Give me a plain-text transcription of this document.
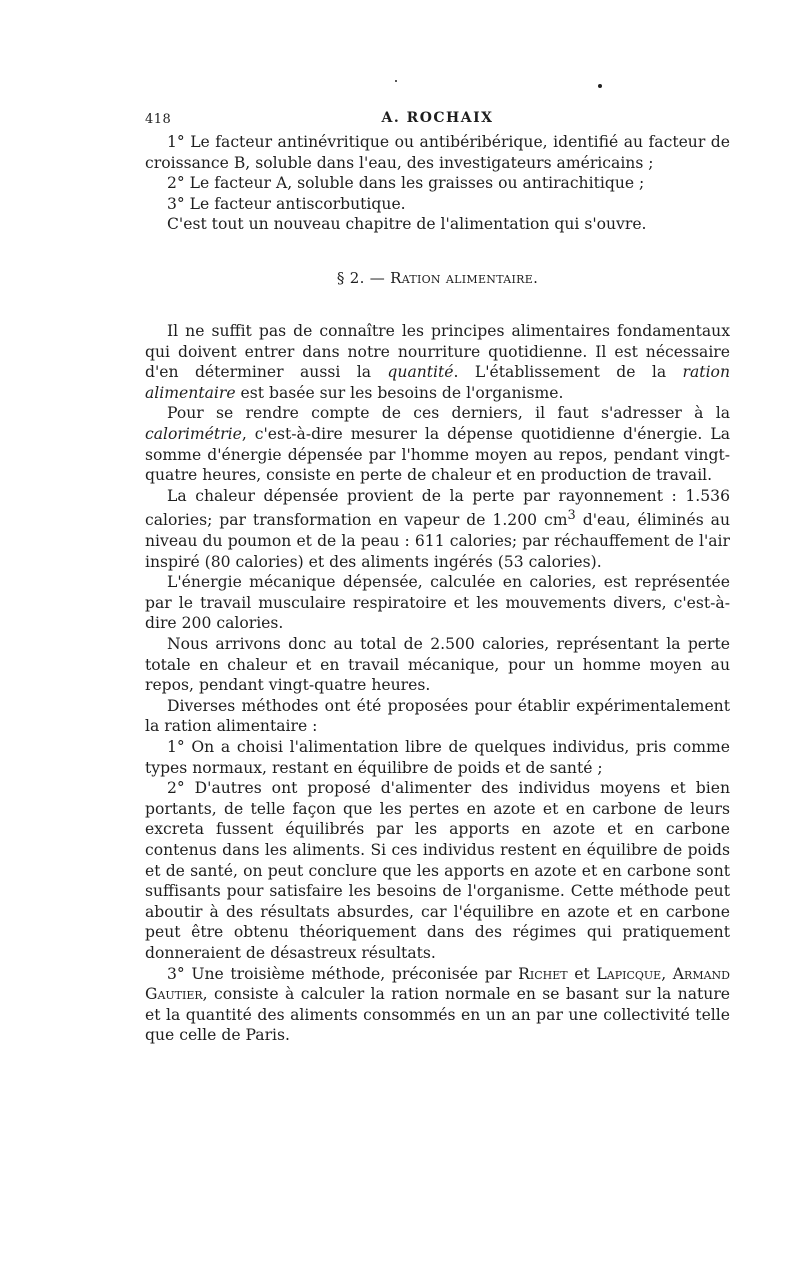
418	A. ROCHAIX

1° Le facteur antinévritique ou antibéribérique, identifié au facteur de croissance B, soluble dans l'eau, des investigateurs américains ;

2° Le facteur A, soluble dans les graisses ou antirachitique ;

3° Le facteur antiscorbutique.

C'est tout un nouveau chapitre de l'alimentation qui s'ouvre.

§ 2. — Ration alimentaire.

Il ne suffit pas de connaître les principes alimentaires fondamentaux qui doivent entrer dans notre nourriture quotidienne. Il est nécessaire d'en déterminer aussi la quantité. L'établissement de la ration alimentaire est basée sur les besoins de l'organisme.

Pour se rendre compte de ces derniers, il faut s'adresser à la calorimétrie, c'est-à-dire mesurer la dépense quotidienne d'énergie. La somme d'énergie dépensée par l'homme moyen au repos, pendant vingt-quatre heures, consiste en perte de chaleur et en production de travail.

La chaleur dépensée provient de la perte par rayonnement : 1.536 calories; par transformation en vapeur de 1.200 $cm^3$ d'eau, éliminés au niveau du poumon et de la peau : 611 calories; par réchauffement de l'air inspiré (80 calories) et des aliments ingérés (53 calories).

L'énergie mécanique dépensée, calculée en calories, est représentée par le travail musculaire respiratoire et les mouvements divers, c'est-à-dire 200 calories.

Nous arrivons donc au total de 2.500 calories, représentant la perte totale en chaleur et en travail mécanique, pour un homme moyen au repos, pendant vingt-quatre heures.

Diverses méthodes ont été proposées pour établir expérimentalement la ration alimentaire :

1° On a choisi l'alimentation libre de quelques individus, pris comme types normaux, restant en équilibre de poids et de santé ;

2° D'autres ont proposé d'alimenter des individus moyens et bien portants, de telle façon que les pertes en azote et en carbone de leurs excreta fussent équilibrés par les apports en azote et en carbone contenus dans les aliments. Si ces individus restent en équilibre de poids et de santé, on peut conclure que les apports en azote et en carbone sont suffisants pour satisfaire les besoins de l'organisme. Cette méthode peut aboutir à des résultats absurdes, car l'équilibre en azote et en carbone peut être obtenu théoriquement dans des régimes qui pratiquement donneraient de désastreux résultats.

3° Une troisième méthode, préconisée par Richet et Lapicque, Armand Gautier, consiste à calculer la ration normale en se basant sur la nature et la quantité des aliments consommés en un an par une collectivité telle que celle de Paris.
